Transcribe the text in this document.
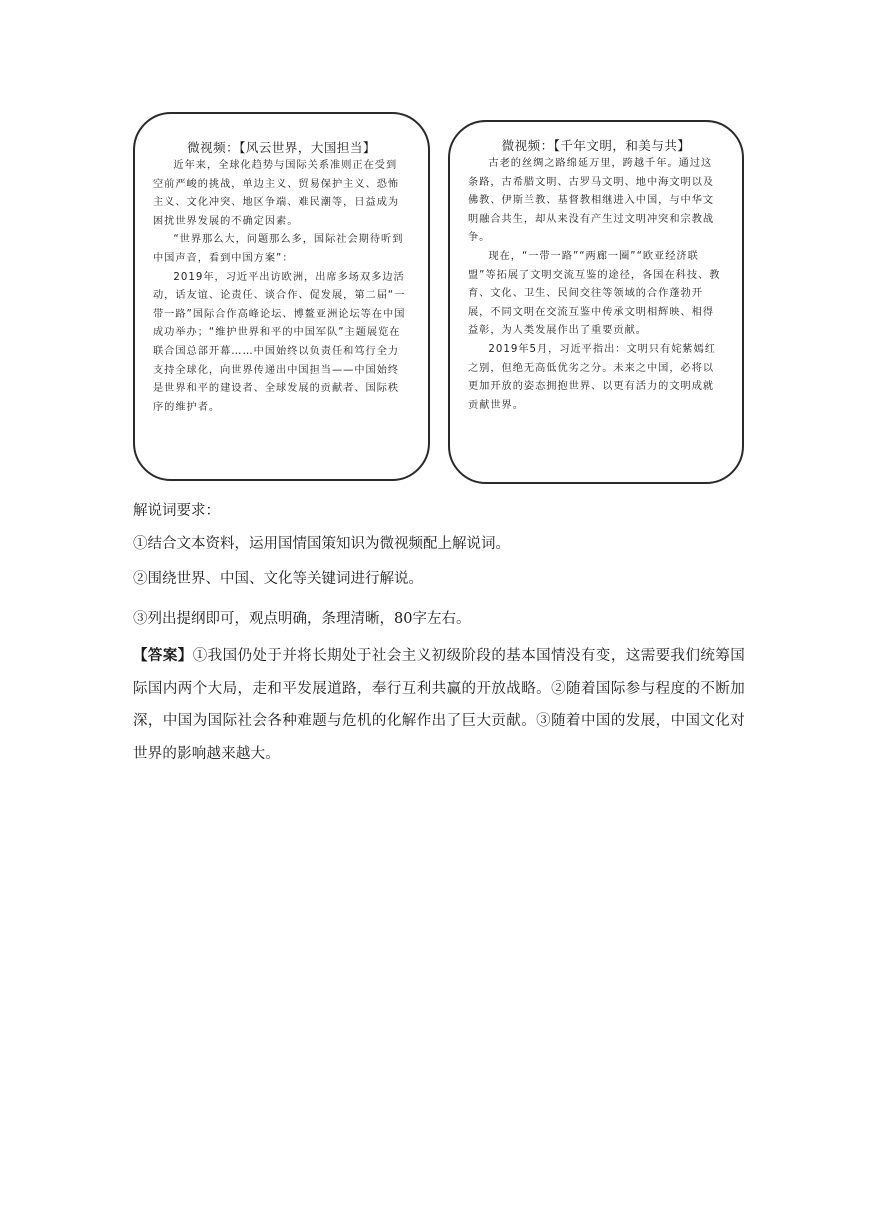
微视频：【风云世界，大国担当】

近年来，全球化趋势与国际关系准则正在受到空前严峻的挑战，单边主义、贸易保护主义、恐怖主义、文化冲突、地区争端、难民潮等，日益成为困扰世界发展的不确定因素。

“世界那么大，问题那么多，国际社会期待听到中国声音，看到中国方案”：

2019年，习近平出访欧洲，出席多场双多边活动，话友谊、论责任、谈合作、促发展，第二届“一带一路”国际合作高峰论坛、博鳌亚洲论坛等在中国成功举办；“维护世界和平的中国军队”主题展览在联合国总部开幕……中国始终以负责任和笃行全力支持全球化，向世界传递出中国担当——中国始终是世界和平的建设者、全球发展的贡献者、国际秩序的维护者。

微视频：【千年文明，和美与共】

古老的丝绸之路绵延万里，跨越千年。通过这条路，古希腊文明、古罗马文明、地中海文明以及佛教、伊斯兰教、基督教相继进入中国，与中华文明融合共生，却从来没有产生过文明冲突和宗教战争。

现在，“一带一路”“两廊一圈”“欧亚经济联盟”等拓展了文明交流互鉴的途径，各国在科技、教育、文化、卫生、民间交往等领域的合作蓬勃开展，不同文明在交流互鉴中传承文明相辉映、相得益彰，为人类发展作出了重要贡献。

2019年5月，习近平指出：文明只有姹紫嫣红之别，但绝无高低优劣之分。未来之中国，必将以更加开放的姿态拥抱世界、以更有活力的文明成就贡献世界。

解说词要求：

①结合文本资料，运用国情国策知识为微视频配上解说词。

②围绕世界、中国、文化等关键词进行解说。

③列出提纲即可，观点明确，条理清晰，80字左右。

【答案】①我国仍处于并将长期处于社会主义初级阶段的基本国情没有变，这需要我们统筹国际国内两个大局，走和平发展道路，奉行互利共赢的开放战略。②随着国际参与程度的不断加深，中国为国际社会各种难题与危机的化解作出了巨大贡献。③随着中国的发展，中国文化对世界的影响越来越大。
